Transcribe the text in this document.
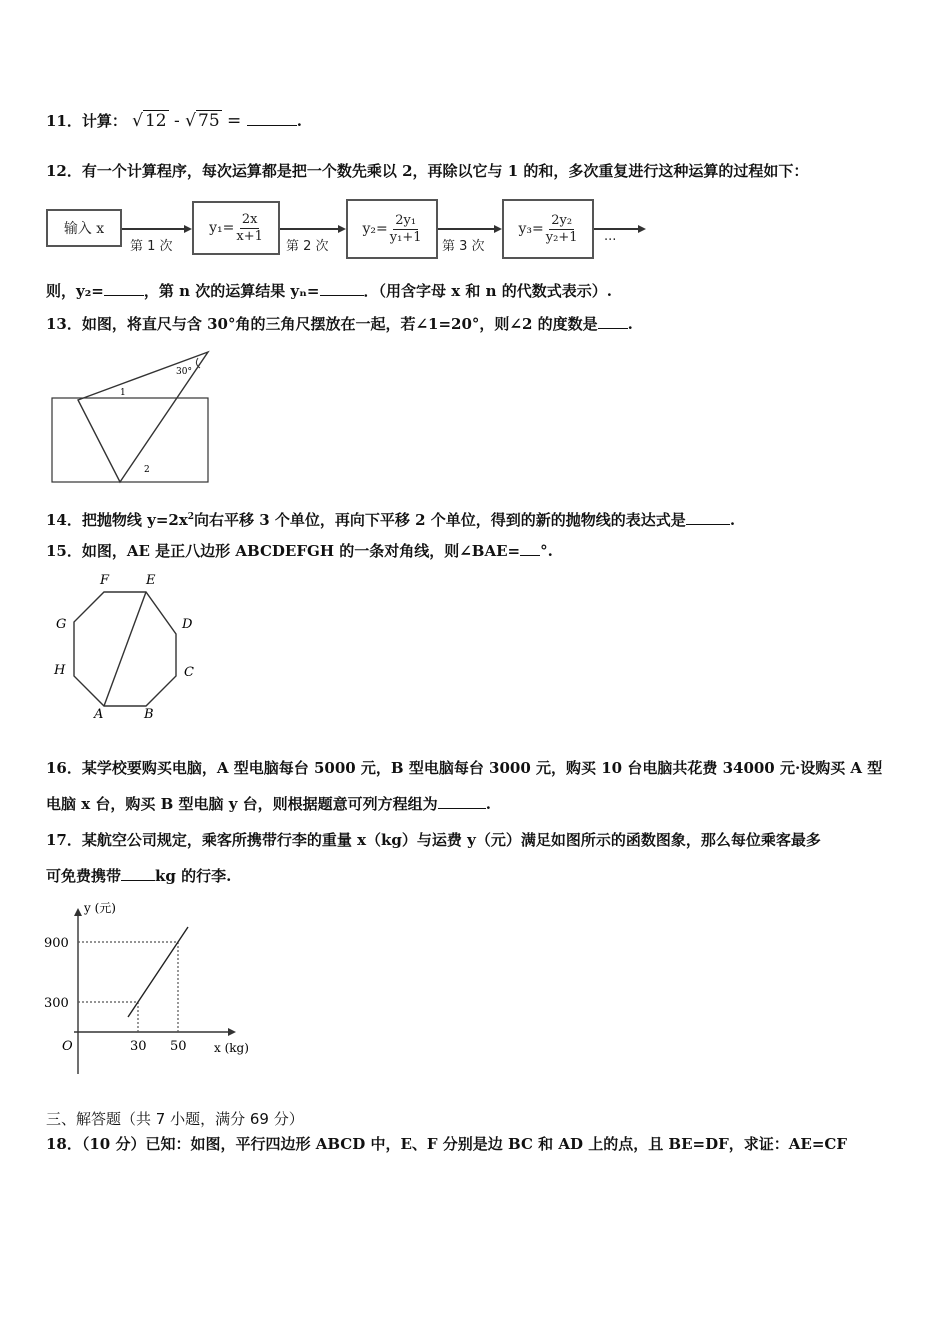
11．计算： √ 12 - √ 75 =	.
12．有一个计算程序，每次运算都是把一个数先乘以 2，再除以它与 1 的和，多次重复进行这种运算的过程如下：
输入 x	$y_1= \frac{2x}{x+1}$	$y_2= \frac{\text{2y₁}}{\text{y₁+1}}$	$y_3= \frac{\text{2y₂}}{\text{y₂+1}}$
第 1 次	第 2 次	第 3 次	···
则，y₂=	，第 n 次的运算结果 yₙ=	．（用含字母 x 和 n 的代数式表示）.
13．如图，将直尺与含 30°角的三角尺摆放在一起，若∠1=20°，则∠2 的度数是 .
30°
1
2
14．把抛物线 $y=2x^2$向右平移 3 个单位，再向下平移 2 个单位，得到的新的抛物线的表达式是	.
15．如图，AE 是正八边形 ABCDEFGH 的一条对角线，则∠BAE= °.
A	B
C
D
E
F
G
H
16．某学校要购买电脑，A 型电脑每台 5000 元，B 型电脑每台 3000 元，购买 10 台电脑共花费 34000 元·设购买 A 型
电脑 x 台，购买 B 型电脑 y 台，则根据题意可列方程组为	.
17．某航空公司规定，乘客所携带行李的重量 x（kg）与运费 y（元）满足如图所示的函数图象，那么每位乘客最多
可免费携带 kg 的行李.
y (元)
x (kg)
O	30 50
300
900
三、解答题（共 7 小题，满分 69 分）
18．（10 分）已知：如图，平行四边形 ABCD 中，E、F 分别是边 BC 和 AD 上的点，且 BE=DF，求证：AE=CF
